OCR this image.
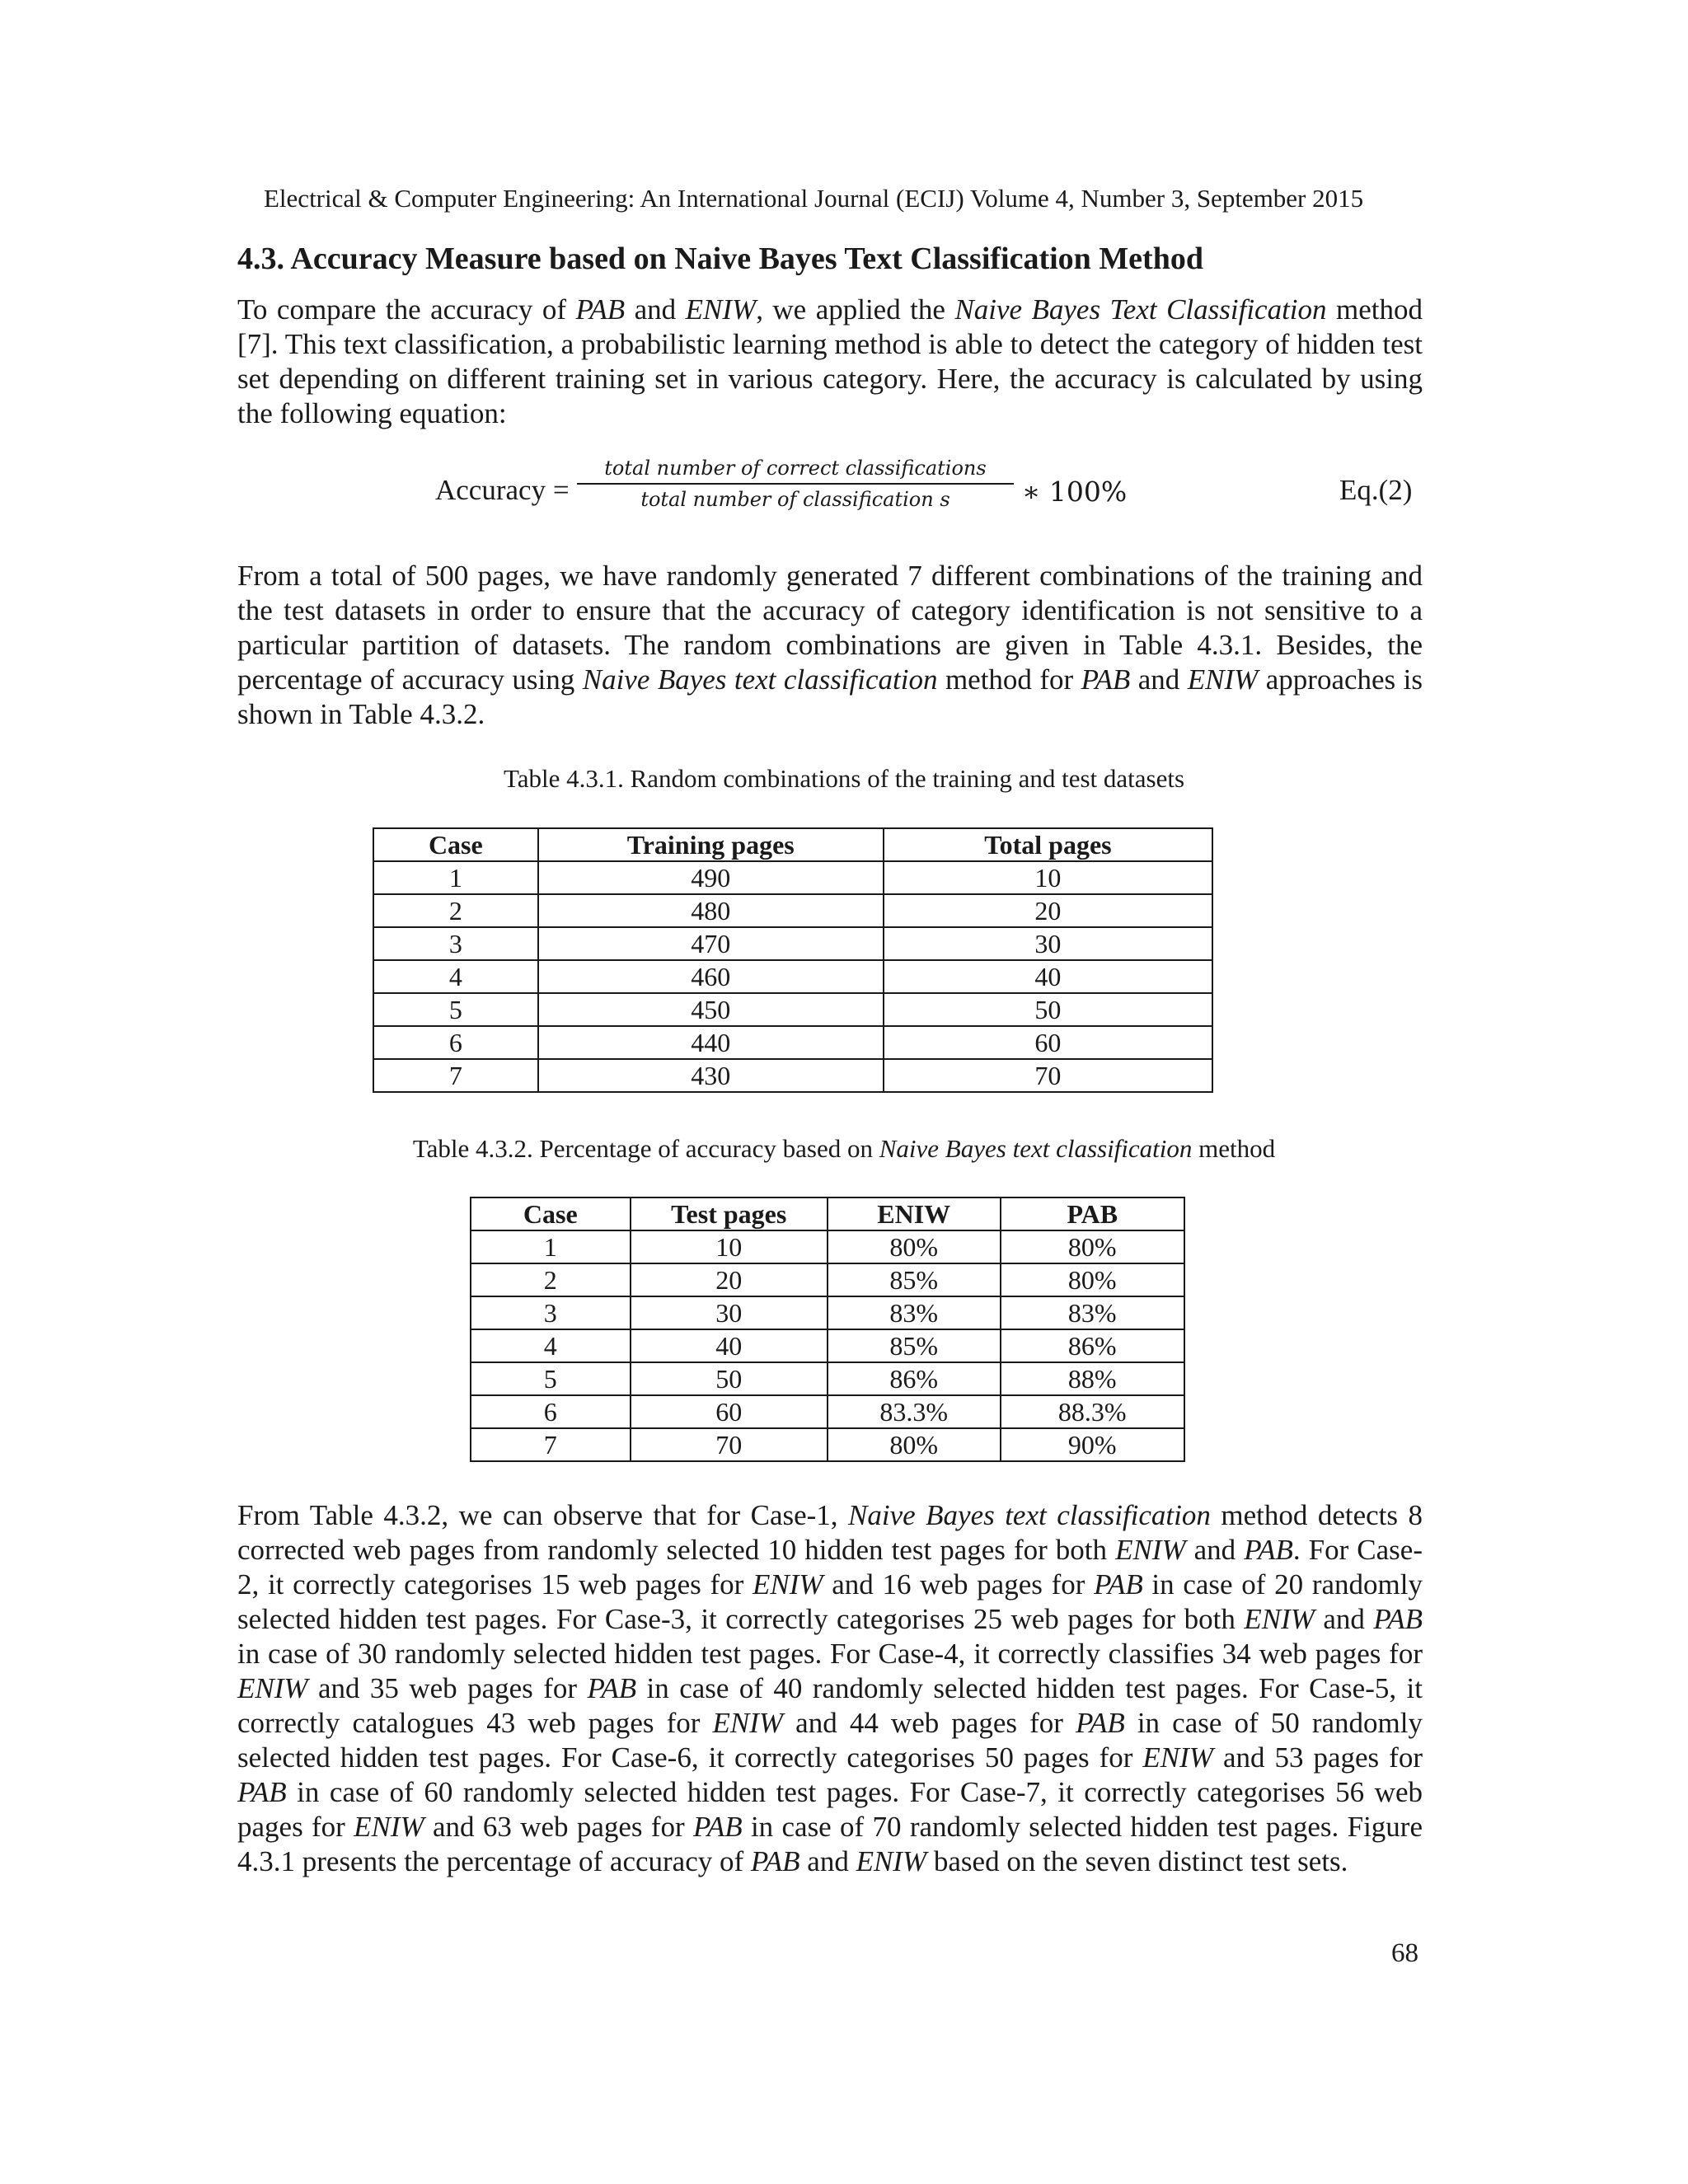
Electrical & Computer Engineering: An International Journal (ECIJ) Volume 4, Number 3, September 2015
4.3. Accuracy Measure based on Naive Bayes Text Classification Method
To compare the accuracy of PAB and ENIW, we applied the Naive Bayes Text Classification method [7]. This text classification, a probabilistic learning method is able to detect the category of hidden test set depending on different training set in various category. Here, the accuracy is calculated by using the following equation:
Accuracy =
total number of correct classifications
total number of classification s	∗ 100%	Eq.(2)
From a total of 500 pages, we have randomly generated 7 different combinations of the training and the test datasets in order to ensure that the accuracy of category identification is not sensitive to a particular partition of datasets. The random combinations are given in Table 4.3.1. Besides, the percentage of accuracy using Naive Bayes text classification method for PAB and ENIW approaches is shown in Table 4.3.2.
Table 4.3.1. Random combinations of the training and test datasets
Case	Training pages	Total pages
1	490	10
2	480	20
3	470	30
4	460	40
5	450	50
6	440	60
7	430	70
Table 4.3.2. Percentage of accuracy based on Naive Bayes text classification method
Case	Test pages	ENIW	PAB
1	10	80%	80%
2	20	85%	80%
3	30	83%	83%
4	40	85%	86%
5	50	86%	88%
6	60	83.3%	88.3%
7	70	80%	90%
From Table 4.3.2, we can observe that for Case-1, Naive Bayes text classification method detects 8 corrected web pages from randomly selected 10 hidden test pages for both ENIW and PAB. For Case-2, it correctly categorises 15 web pages for ENIW and 16 web pages for PAB in case of 20 randomly selected hidden test pages. For Case-3, it correctly categorises 25 web pages for both ENIW and PAB in case of 30 randomly selected hidden test pages. For Case-4, it correctly classifies 34 web pages for ENIW and 35 web pages for PAB in case of 40 randomly selected hidden test pages. For Case-5, it correctly catalogues 43 web pages for ENIW and 44 web pages for PAB in case of 50 randomly selected hidden test pages. For Case-6, it correctly categorises 50 pages for ENIW and 53 pages for PAB in case of 60 randomly selected hidden test pages. For Case-7, it correctly categorises 56 web pages for ENIW and 63 web pages for PAB in case of 70 randomly selected hidden test pages. Figure 4.3.1 presents the percentage of accuracy of PAB and ENIW based on the seven distinct test sets.
68
